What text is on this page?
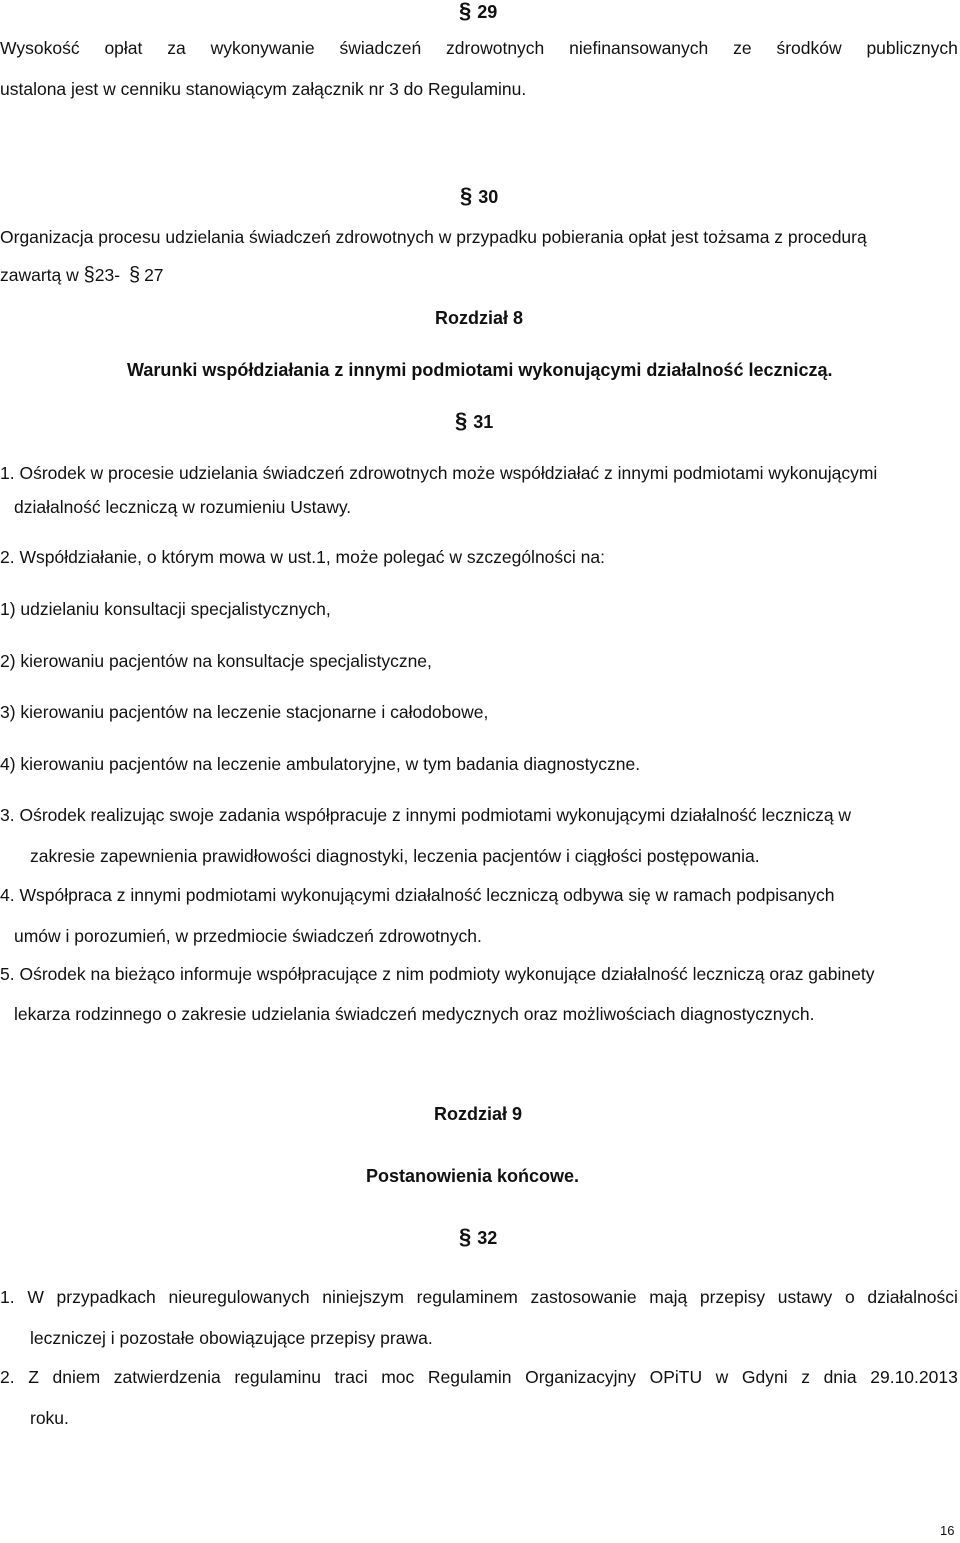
§ 29
Wysokość opłat za wykonywanie świadczeń zdrowotnych niefinansowanych ze środków publicznych
ustalona jest w cenniku stanowiącym załącznik nr 3 do Regulaminu.
§ 30
Organizacja procesu udzielania świadczeń zdrowotnych w przypadku pobierania opłat jest tożsama z procedurą
zawartą w §23- § 27
Rozdział 8
Warunki współdziałania z innymi podmiotami wykonującymi działalność leczniczą.
§ 31
1. Ośrodek w procesie udzielania świadczeń zdrowotnych może współdziałać z innymi podmiotami wykonującymi
działalność leczniczą w rozumieniu Ustawy.
2. Współdziałanie, o którym mowa w ust.1, może polegać w szczególności na:
1) udzielaniu konsultacji specjalistycznych,
2) kierowaniu pacjentów na konsultacje specjalistyczne,
3) kierowaniu pacjentów na leczenie stacjonarne i całodobowe,
4) kierowaniu pacjentów na leczenie ambulatoryjne, w tym badania diagnostyczne.
3. Ośrodek realizując swoje zadania współpracuje z innymi podmiotami wykonującymi działalność leczniczą w
zakresie zapewnienia prawidłowości diagnostyki, leczenia pacjentów i ciągłości postępowania.
4. Współpraca z innymi podmiotami wykonującymi działalność leczniczą odbywa się w ramach podpisanych
umów i porozumień, w przedmiocie świadczeń zdrowotnych.
5. Ośrodek na bieżąco informuje współpracujące z nim podmioty wykonujące działalność leczniczą oraz gabinety
lekarza rodzinnego o zakresie udzielania świadczeń medycznych oraz możliwościach diagnostycznych.
Rozdział 9
Postanowienia końcowe.
§ 32
1. W przypadkach nieuregulowanych niniejszym regulaminem zastosowanie mają przepisy ustawy o działalności
leczniczej i pozostałe obowiązujące przepisy prawa.
2. Z dniem zatwierdzenia regulaminu traci moc Regulamin Organizacyjny OPiTU w Gdyni z dnia 29.10.2013
roku.
16
